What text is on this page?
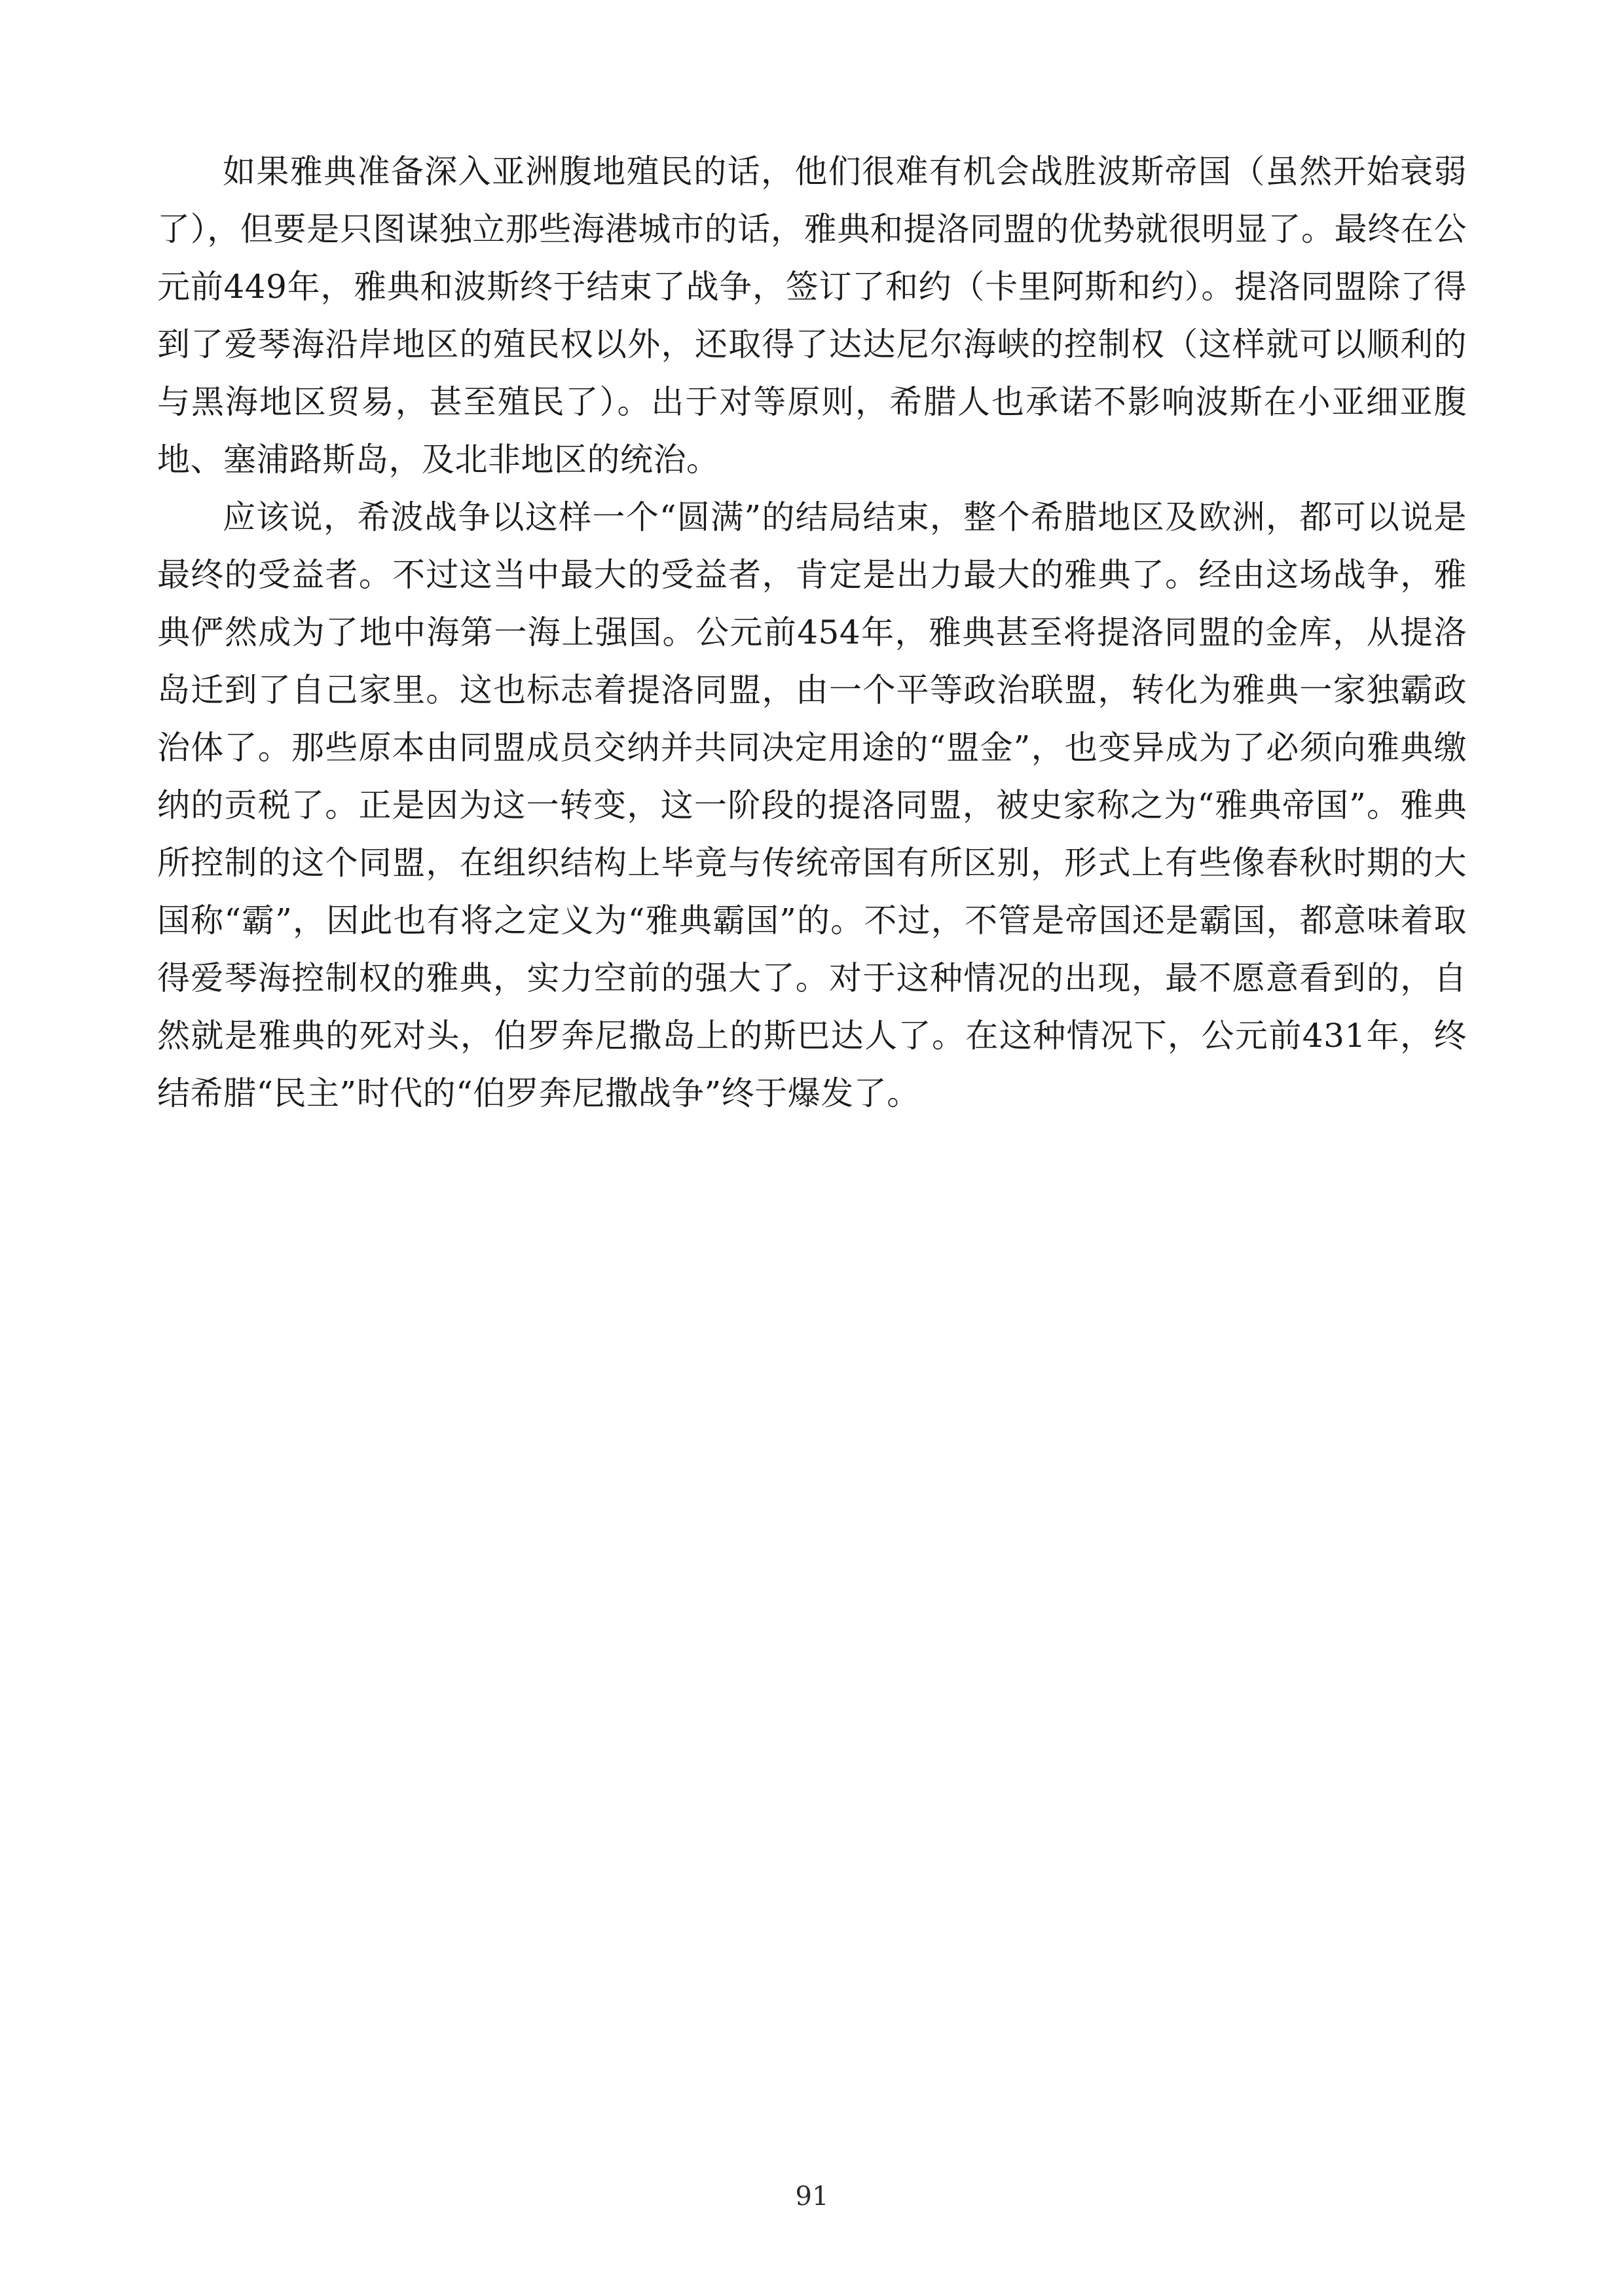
如果雅典准备深入亚洲腹地殖民的话，他们很难有机会战胜波斯帝国（虽然开始衰弱了），但要是只图谋独立那些海港城市的话，雅典和提洛同盟的优势就很明显了。最终在公元前449年，雅典和波斯终于结束了战争，签订了和约（卡里阿斯和约）。提洛同盟除了得到了爱琴海沿岸地区的殖民权以外，还取得了达达尼尔海峡的控制权（这样就可以顺利的与黑海地区贸易，甚至殖民了）。出于对等原则，希腊人也承诺不影响波斯在小亚细亚腹地、塞浦路斯岛，及北非地区的统治。

应该说，希波战争以这样一个“圆满”的结局结束，整个希腊地区及欧洲，都可以说是最终的受益者。不过这当中最大的受益者，肯定是出力最大的雅典了。经由这场战争，雅典俨然成为了地中海第一海上强国。公元前454年，雅典甚至将提洛同盟的金库，从提洛岛迁到了自己家里。这也标志着提洛同盟，由一个平等政治联盟，转化为雅典一家独霸政治体了。那些原本由同盟成员交纳并共同决定用途的“盟金”，也变异成为了必须向雅典缴纳的贡税了。正是因为这一转变，这一阶段的提洛同盟，被史家称之为“雅典帝国”。雅典所控制的这个同盟，在组织结构上毕竟与传统帝国有所区别，形式上有些像春秋时期的大国称“霸”，因此也有将之定义为“雅典霸国”的。不过，不管是帝国还是霸国，都意味着取得爱琴海控制权的雅典，实力空前的强大了。对于这种情况的出现，最不愿意看到的，自然就是雅典的死对头，伯罗奔尼撒岛上的斯巴达人了。在这种情况下，公元前431年，终结希腊“民主”时代的“伯罗奔尼撒战争”终于爆发了。

91
